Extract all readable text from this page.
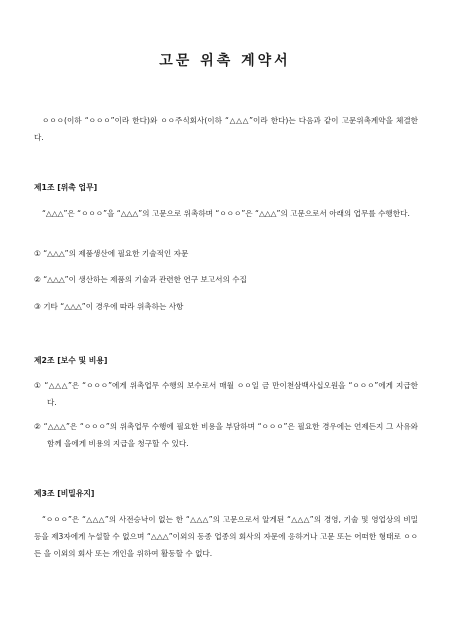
고문 위촉 계약서
ㅇㅇㅇ(이하 “ㅇㅇㅇ”이라 한다)와 ㅇㅇ주식회사(이하 “△△△”이라 한다)는 다음과 같이 고문위촉계약을 체결한다.
제1조 [위촉 업무]
“△△△”은 “ㅇㅇㅇ”을 “△△△”의 고문으로 위촉하며 “ㅇㅇㅇ”은 “△△△”의 고문으로서 아래의 업무를 수행한다.
① “△△△”의 제품생산에 필요한 기술적인 자문
② “△△△”이 생산하는 제품의 기술과 관련한 연구 보고서의 수집
③ 기타 “△△△”이 경우에 따라 위촉하는 사항
제2조 [보수 및 비용]
① “△△△”은 “ㅇㅇㅇ”에게 위촉업무 수행의 보수로서 매월 ㅇㅇ일 금 만이천삼백사십오원을 “ㅇㅇㅇ”에게 지급한다.
② “△△△”은 “ㅇㅇㅇ”의 위촉업무 수행에 필요한 비용을 부담하며 “ㅇㅇㅇ”은 필요한 경우에는 언제든지 그 사유와 함께 을에게 비용의 지급을 청구할 수 있다.
제3조 [비밀유지]
“ㅇㅇㅇ”은 “△△△”의 사전승낙이 없는 한 “△△△”의 고문으로서 알게된 “△△△”의 경영, 기술 및 영업상의 비밀 등을 제3자에게 누설할 수 없으며 “△△△”이외의 동종 업종의 회사의 자문에 응하거나 고문 또는 어떠한 형태로 ㅇㅇ든 을 이외의 회사 또는 개인을 위하여 활동할 수 없다.
